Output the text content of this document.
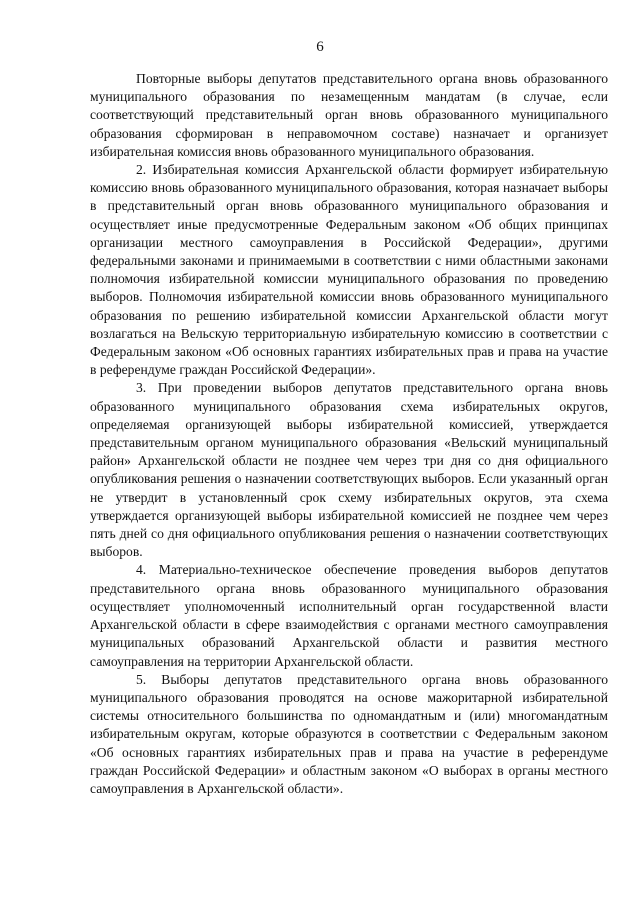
6

Повторные выборы депутатов представительного органа вновь образованного муниципального образования по незамещенным мандатам (в случае, если соответствующий представительный орган вновь образованного муниципального образования сформирован в неправомочном составе) назначает и организует избирательная комиссия вновь образованного муниципального образования.

2. Избирательная комиссия Архангельской области формирует избирательную комиссию вновь образованного муниципального образования, которая назначает выборы в представительный орган вновь образованного муниципального образования и осуществляет иные предусмотренные Федеральным законом «Об общих принципах организации местного самоуправления в Российской Федерации», другими федеральными законами и принимаемыми в соответствии с ними областными законами полномочия избирательной комиссии муниципального образования по проведению выборов. Полномочия избирательной комиссии вновь образованного муниципального образования по решению избирательной комиссии Архангельской области могут возлагаться на Вельскую территориальную избирательную комиссию в соответствии с Федеральным законом «Об основных гарантиях избирательных прав и права на участие в референдуме граждан Российской Федерации».

3. При проведении выборов депутатов представительного органа вновь образованного муниципального образования схема избирательных округов, определяемая организующей выборы избирательной комиссией, утверждается представительным органом муниципального образования «Вельский муниципальный район» Архангельской области не позднее чем через три дня со дня официального опубликования решения о назначении соответствующих выборов. Если указанный орган не утвердит в установленный срок схему избирательных округов, эта схема утверждается организующей выборы избирательной комиссией не позднее чем через пять дней со дня официального опубликования решения о назначении соответствующих выборов.

4. Материально-техническое обеспечение проведения выборов депутатов представительного органа вновь образованного муниципального образования осуществляет уполномоченный исполнительный орган государственной власти Архангельской области в сфере взаимодействия с органами местного самоуправления муниципальных образований Архангельской области и развития местного самоуправления на территории Архангельской области.

5. Выборы депутатов представительного органа вновь образованного муниципального образования проводятся на основе мажоритарной избирательной системы относительного большинства по одномандатным и (или) многомандатным избирательным округам, которые образуются в соответствии с Федеральным законом «Об основных гарантиях избирательных прав и права на участие в референдуме граждан Российской Федерации» и областным законом «О выборах в органы местного самоуправления в Архангельской области».
